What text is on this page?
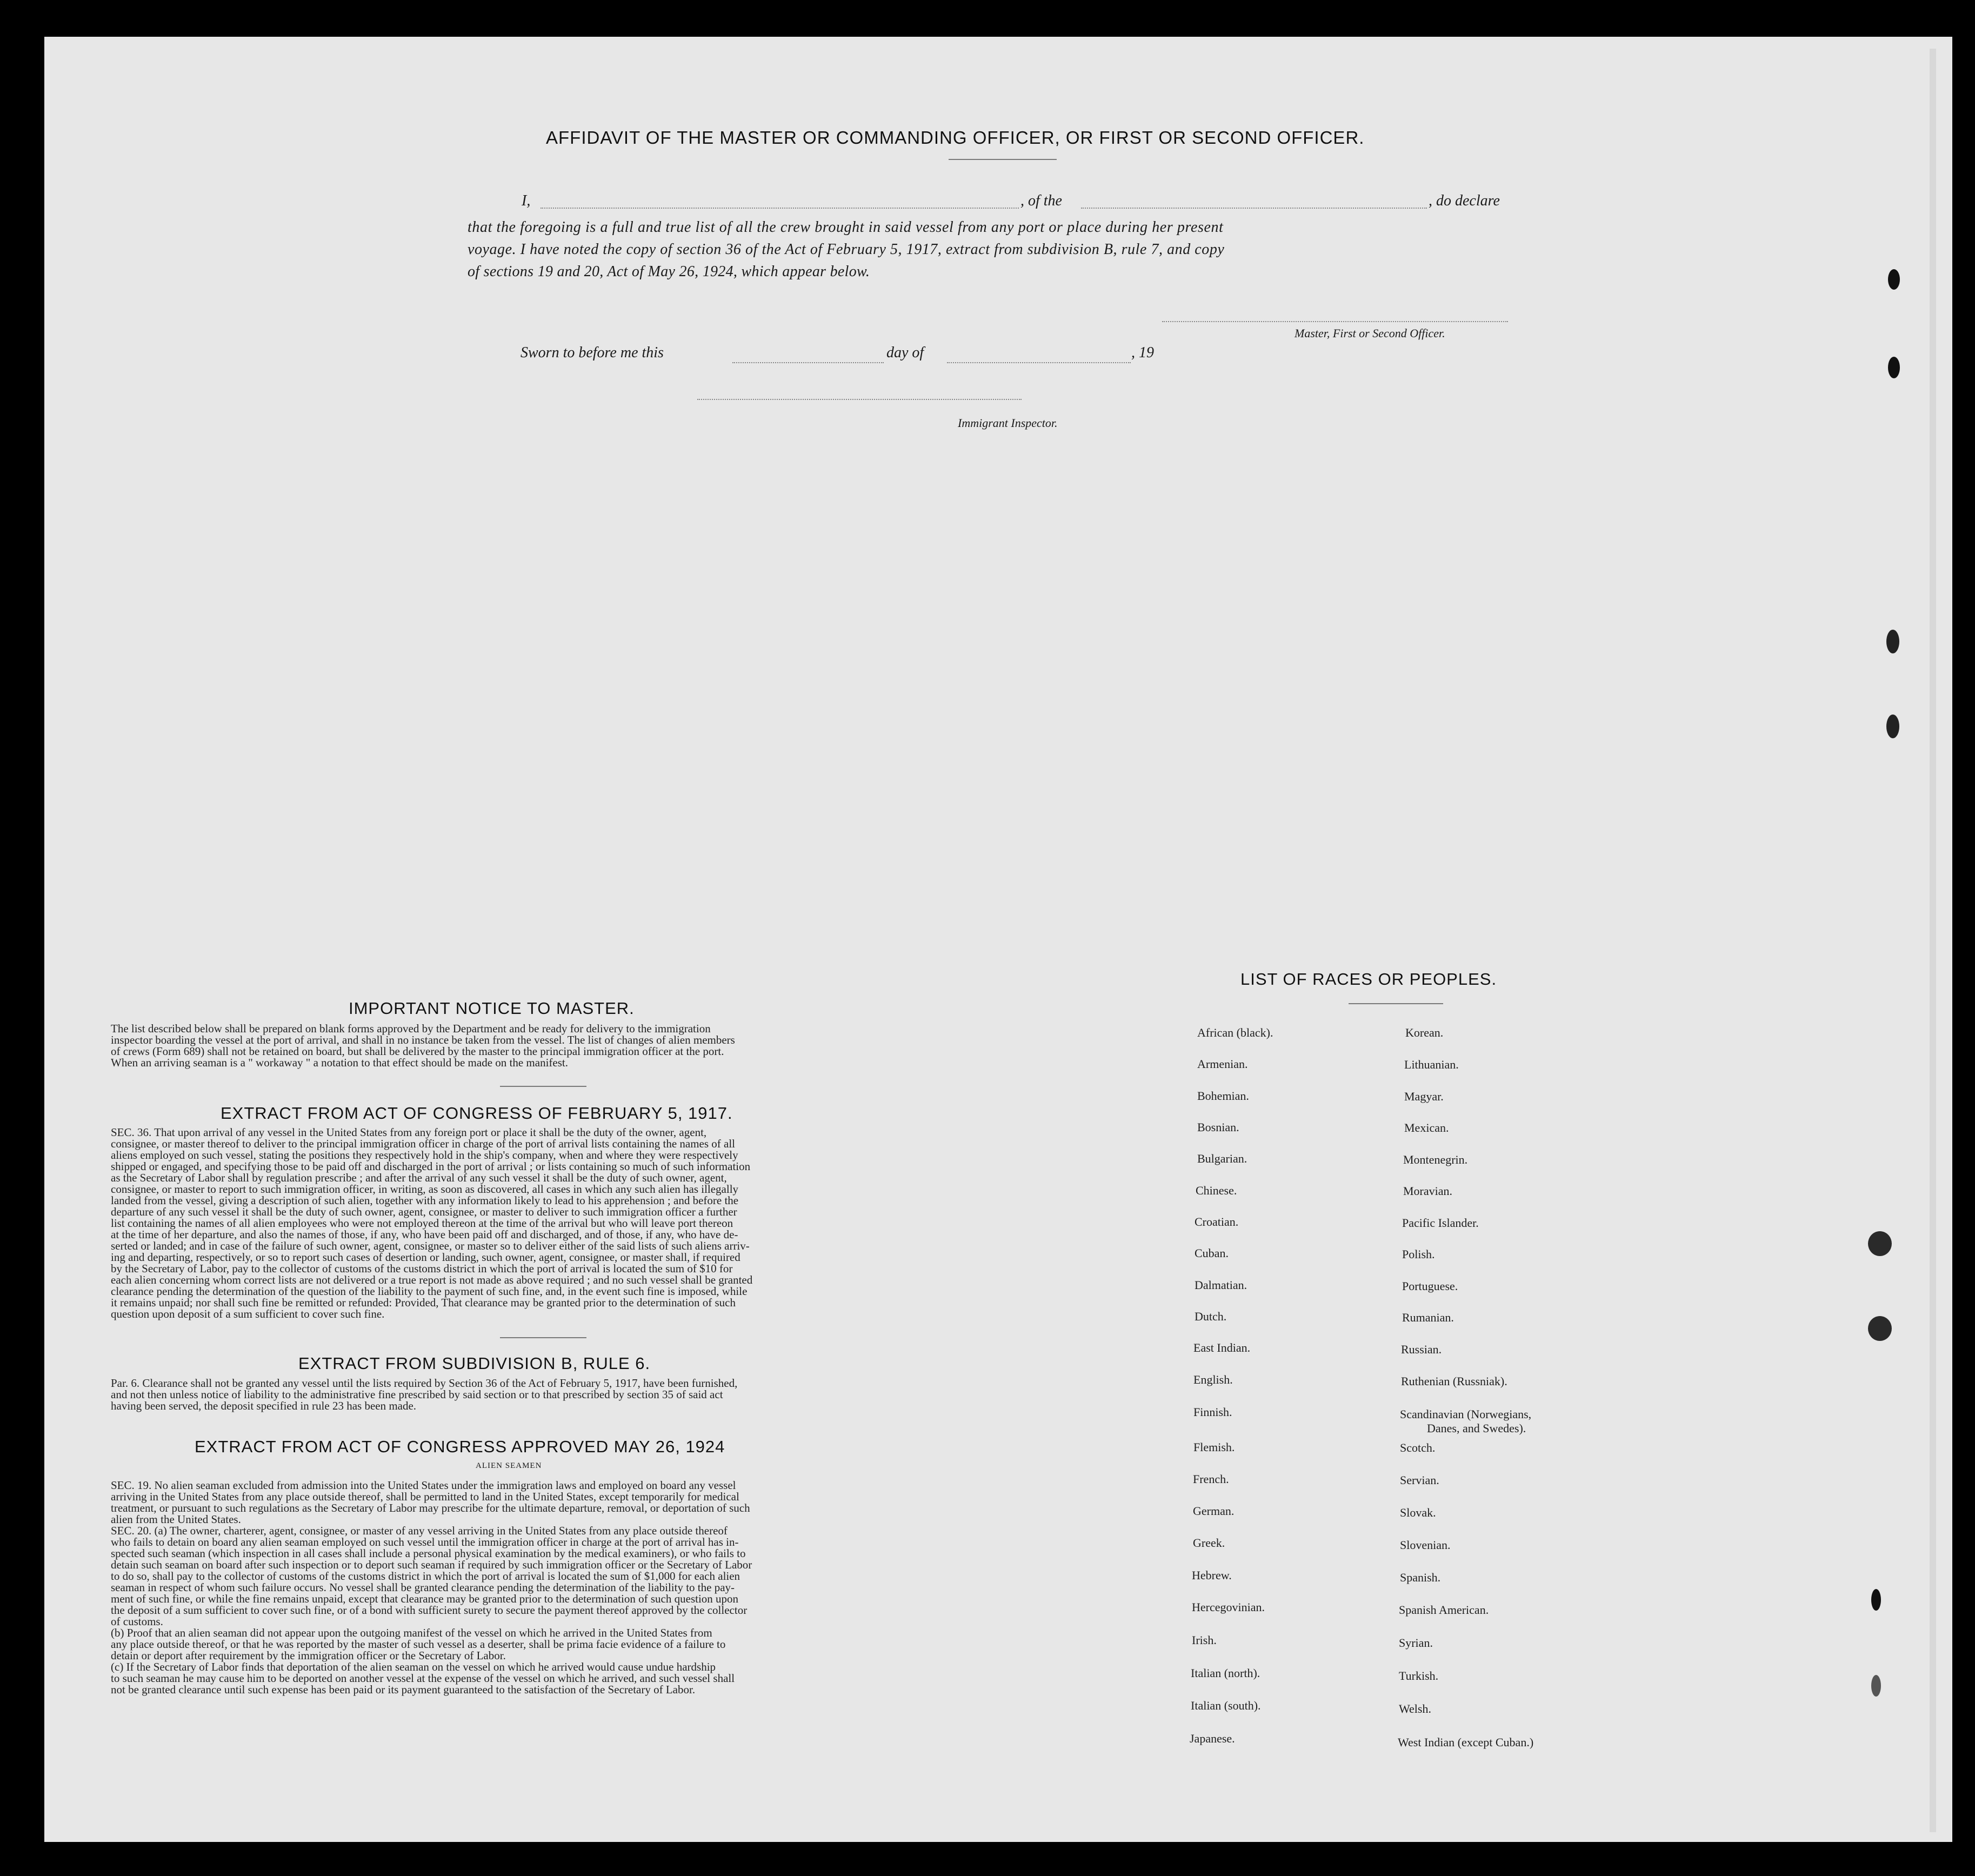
AFFIDAVIT OF THE MASTER OR COMMANDING OFFICER, OR FIRST OR SECOND OFFICER.
I,	, of the	, do declare
that the foregoing is a full and true list of all the crew brought in said vessel from any port or place during her present
voyage. I have noted the copy of section 36 of the Act of February 5, 1917, extract from subdivision B, rule 7, and copy
of sections 19 and 20, Act of May 26, 1924, which appear below.
Master, First or Second Officer.
Sworn to before me this	day of	, 19
Immigrant Inspector.
IMPORTANT NOTICE TO MASTER.
The list described below shall be prepared on blank forms approved by the Department and be ready for delivery to the immigration
inspector boarding the vessel at the port of arrival, and shall in no instance be taken from the vessel. The list of changes of alien members
of crews (Form 689) shall not be retained on board, but shall be delivered by the master to the principal immigration officer at the port.
When an arriving seaman is a " workaway " a notation to that effect should be made on the manifest.
EXTRACT FROM ACT OF CONGRESS OF FEBRUARY 5, 1917.
SEC. 36. That upon arrival of any vessel in the United States from any foreign port or place it shall be the duty of the owner, agent,
consignee, or master thereof to deliver to the principal immigration officer in charge of the port of arrival lists containing the names of all
aliens employed on such vessel, stating the positions they respectively hold in the ship's company, when and where they were respectively
shipped or engaged, and specifying those to be paid off and discharged in the port of arrival ; or lists containing so much of such information
as the Secretary of Labor shall by regulation prescribe ; and after the arrival of any such vessel it shall be the duty of such owner, agent,
consignee, or master to report to such immigration officer, in writing, as soon as discovered, all cases in which any such alien has illegally
landed from the vessel, giving a description of such alien, together with any information likely to lead to his apprehension ; and before the
departure of any such vessel it shall be the duty of such owner, agent, consignee, or master to deliver to such immigration officer a further
list containing the names of all alien employees who were not employed thereon at the time of the arrival but who will leave port thereon
at the time of her departure, and also the names of those, if any, who have been paid off and discharged, and of those, if any, who have de-
serted or landed; and in case of the failure of such owner, agent, consignee, or master so to deliver either of the said lists of such aliens arriv-
ing and departing, respectively, or so to report such cases of desertion or landing, such owner, agent, consignee, or master shall, if required
by the Secretary of Labor, pay to the collector of customs of the customs district in which the port of arrival is located the sum of $10 for
each alien concerning whom correct lists are not delivered or a true report is not made as above required ; and no such vessel shall be granted
clearance pending the determination of the question of the liability to the payment of such fine, and, in the event such fine is imposed, while
it remains unpaid; nor shall such fine be remitted or refunded: Provided, That clearance may be granted prior to the determination of such
question upon deposit of a sum sufficient to cover such fine.
EXTRACT FROM SUBDIVISION B, RULE 6.
Par. 6. Clearance shall not be granted any vessel until the lists required by Section 36 of the Act of February 5, 1917, have been furnished,
and not then unless notice of liability to the administrative fine prescribed by said section or to that prescribed by section 35 of said act
having been served, the deposit specified in rule 23 has been made.
EXTRACT FROM ACT OF CONGRESS APPROVED MAY 26, 1924
ALIEN SEAMEN
SEC. 19. No alien seaman excluded from admission into the United States under the immigration laws and employed on board any vessel
arriving in the United States from any place outside thereof, shall be permitted to land in the United States, except temporarily for medical
treatment, or pursuant to such regulations as the Secretary of Labor may prescribe for the ultimate departure, removal, or deportation of such
alien from the United States.
SEC. 20. (a) The owner, charterer, agent, consignee, or master of any vessel arriving in the United States from any place outside thereof
who fails to detain on board any alien seaman employed on such vessel until the immigration officer in charge at the port of arrival has in-
spected such seaman (which inspection in all cases shall include a personal physical examination by the medical examiners), or who fails to
detain such seaman on board after such inspection or to deport such seaman if required by such immigration officer or the Secretary of Labor
to do so, shall pay to the collector of customs of the customs district in which the port of arrival is located the sum of $1,000 for each alien
seaman in respect of whom such failure occurs. No vessel shall be granted clearance pending the determination of the liability to the pay-
ment of such fine, or while the fine remains unpaid, except that clearance may be granted prior to the determination of such question upon
the deposit of a sum sufficient to cover such fine, or of a bond with sufficient surety to secure the payment thereof approved by the collector
of customs.
(b) Proof that an alien seaman did not appear upon the outgoing manifest of the vessel on which he arrived in the United States from
any place outside thereof, or that he was reported by the master of such vessel as a deserter, shall be prima facie evidence of a failure to
detain or deport after requirement by the immigration officer or the Secretary of Labor.
(c) If the Secretary of Labor finds that deportation of the alien seaman on the vessel on which he arrived would cause undue hardship
to such seaman he may cause him to be deported on another vessel at the expense of the vessel on which he arrived, and such vessel shall
not be granted clearance until such expense has been paid or its payment guaranteed to the satisfaction of the Secretary of Labor.
LIST OF RACES OR PEOPLES.
African (black).
Armenian.
Bohemian.
Bosnian.
Bulgarian.
Chinese.
Croatian.
Cuban.
Dalmatian.
Dutch.
East Indian.
English.
Finnish.
Flemish.
French.
German.
Greek.
Hebrew.
Hercegovinian.
Irish.
Italian (north).
Italian (south).
Japanese.
Korean.
Lithuanian.
Magyar.
Mexican.
Montenegrin.
Moravian.
Pacific Islander.
Polish.
Portuguese.
Rumanian.
Russian.
Ruthenian (Russniak).
Scandinavian (Norwegians,
Danes, and Swedes).
Scotch.
Servian.
Slovak.
Slovenian.
Spanish.
Spanish American.
Syrian.
Turkish.
Welsh.
West Indian (except Cuban.)
